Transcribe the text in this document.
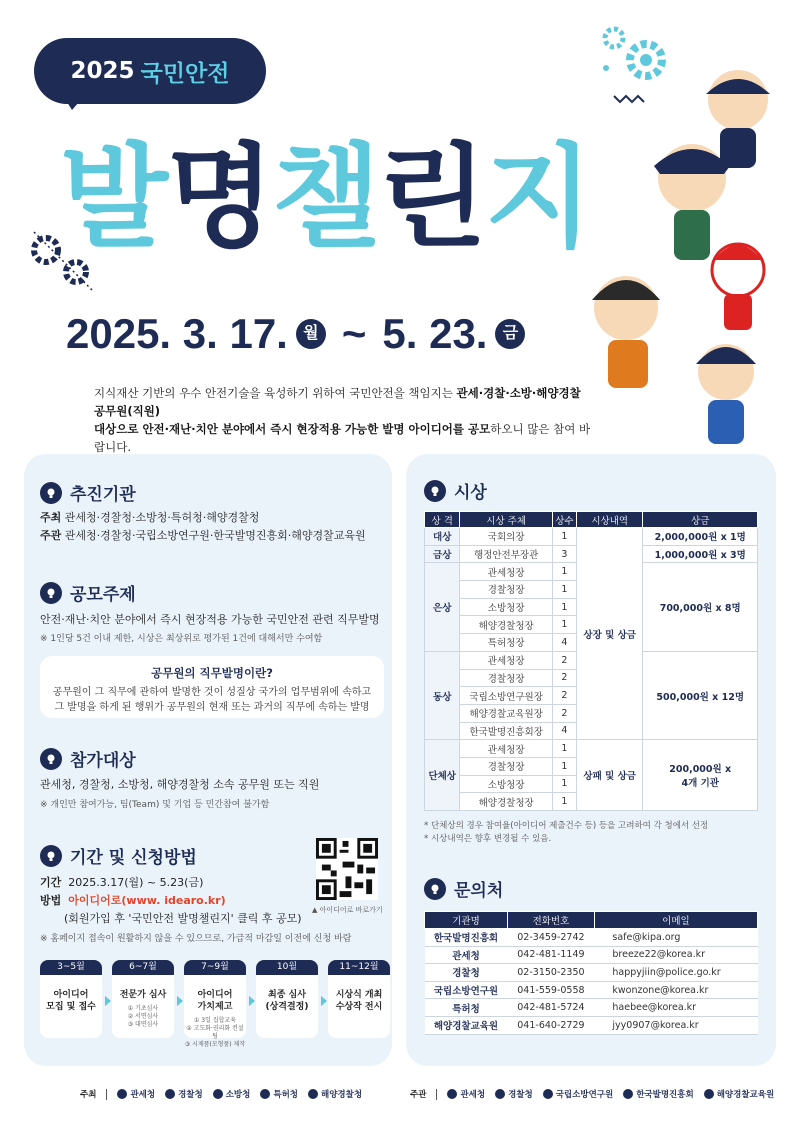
2025 국민안전
발 명 챌 린 지
2025. 3. 17. 월 ~ 5. 23. 금
지식재산 기반의 우수 안전기술을 육성하기 위하여 국민안전을 책임지는 관세·경찰·소방·해양경찰 공무원(직원)
대상으로 안전·재난·치안 분야에서 즉시 현장적용 가능한 발명 아이디어를 공모하오니 많은 참여 바랍니다.
추진기관
주최 관세청·경찰청·소방청·특허청·해양경찰청
주관 관세청·경찰청·국립소방연구원·한국발명진흥회·해양경찰교육원
공모주제
안전·재난·치안 분야에서 즉시 현장적용 가능한 국민안전 관련 직무발명
※ 1인당 5건 이내 제한, 시상은 최상위로 평가된 1건에 대해서만 수여함
공무원의 직무발명이란?
공무원이 그 직무에 관하여 발명한 것이 성질상 국가의 업무범위에 속하고
그 발명을 하게 된 행위가 공무원의 현재 또는 과거의 직무에 속하는 발명
참가대상
관세청, 경찰청, 소방청, 해양경찰청 소속 공무원 또는 직원
※ 개인만 참여가능, 팀(Team) 및 기업 등 민간참여 불가함
기간 및 신청방법
기간 2025.3.17(월) ~ 5.23(금)
방법 아이디어로(www. idearo.kr)
(회원가입 후 '국민안전 발명챌린지' 클릭 후 공모)
※ 홈페이지 접속이 원활하지 않을 수 있으므로, 가급적 마감일 이전에 신청 바람
▲ 아이디어로 바로가기
3~5월
아이디어
모집 및 접수
6~7월
전문가 심사
① 기초심사
② 서면심사
③ 대면심사
7~9월
아이디어
가치제고
① 3일 집합교육
② 고도화·권리화 컨설팅
③ 시제품(모형품) 제작
10월
최종 심사
(상격결정)
11~12월
시상식 개최
수상작 전시
시상
상 격	시상 주체	상수	시상내역	상금
대상	국회의장	1	상장 및 상금	2,000,000원 x 1명
금상	행정안전부장관	3		1,000,000원 x 3명
은상	관세청장	1		700,000원 x 8명
	경찰청장	1		
	소방청장	1		
	해양경찰청장	1		
	특허청장	4		
동상	관세청장	2		500,000원 x 12명
	경찰청장	2		
	국립소방연구원장	2		
	해양경찰교육원장	2		
	한국발명진흥회장	4		
단체상	관세청장	1	상패 및 상금	200,000원 x
4개 기관
	경찰청장	1		
	소방청장	1		
	해양경찰청장	1		
* 단체상의 경우 참여율(아이디어 제출건수 등) 등을 고려하여 각 청에서 선정
* 시상내역은 향후 변경될 수 있음.
문의처
기관명	전화번호	이메일
한국발명진흥회	02-3459-2742	safe@kipa.org
관세청	042-481-1149	breeze22@korea.kr
경찰청	02-3150-2350	happyjiin@police.go.kr
국립소방연구원	041-559-0558	kwonzone@korea.kr
특허청	042-481-5724	haebee@korea.kr
해양경찰교육원	041-640-2729	jyy0907@korea.kr
주최	관세청	경찰청	소방청	특허청	해양경찰청	주관	관세청	경찰청	국립소방연구원	한국발명진흥회	해양경찰교육원
